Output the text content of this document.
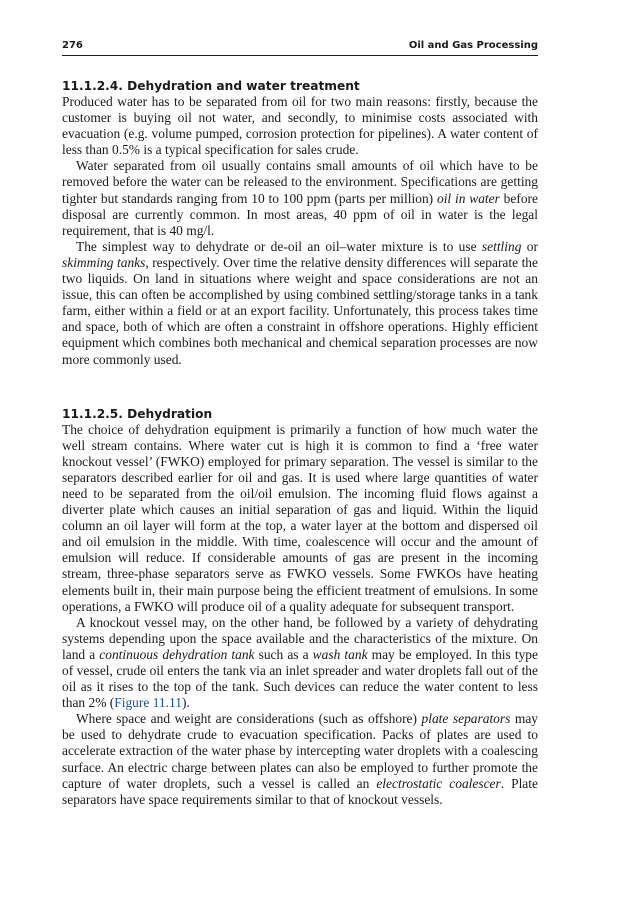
276	Oil and Gas Processing
11.1.2.4. Dehydration and water treatment

Produced water has to be separated from oil for two main reasons: firstly, because the customer is buying oil not water, and secondly, to minimise costs associated with evacuation (e.g. volume pumped, corrosion protection for pipelines). A water content of less than 0.5% is a typical specification for sales crude.

Water separated from oil usually contains small amounts of oil which have to be removed before the water can be released to the environment. Specifications are getting tighter but standards ranging from 10 to 100 ppm (parts per million) oil in water before disposal are currently common. In most areas, 40 ppm of oil in water is the legal requirement, that is 40 mg/l.

The simplest way to dehydrate or de-oil an oil–water mixture is to use settling or skimming tanks, respectively. Over time the relative density differences will separate the two liquids. On land in situations where weight and space considerations are not an issue, this can often be accomplished by using combined settling/storage tanks in a tank farm, either within a field or at an export facility. Unfortunately, this process takes time and space, both of which are often a constraint in offshore operations. Highly efficient equipment which combines both mechanical and chemical separation processes are now more commonly used.

11.1.2.5. Dehydration

The choice of dehydration equipment is primarily a function of how much water the well stream contains. Where water cut is high it is common to find a ‘free water knockout vessel’ (FWKO) employed for primary separation. The vessel is similar to the separators described earlier for oil and gas. It is used where large quantities of water need to be separated from the oil/oil emulsion. The incoming fluid flows against a diverter plate which causes an initial separation of gas and liquid. Within the liquid column an oil layer will form at the top, a water layer at the bottom and dispersed oil and oil emulsion in the middle. With time, coalescence will occur and the amount of emulsion will reduce. If considerable amounts of gas are present in the incoming stream, three-phase separators serve as FWKO vessels. Some FWKOs have heating elements built in, their main purpose being the efficient treatment of emulsions. In some operations, a FWKO will produce oil of a quality adequate for subsequent transport.

A knockout vessel may, on the other hand, be followed by a variety of dehydrating systems depending upon the space available and the characteristics of the mixture. On land a continuous dehydration tank such as a wash tank may be employed. In this type of vessel, crude oil enters the tank via an inlet spreader and water droplets fall out of the oil as it rises to the top of the tank. Such devices can reduce the water content to less than 2% (Figure 11.11).

Where space and weight are considerations (such as offshore) plate separators may be used to dehydrate crude to evacuation specification. Packs of plates are used to accelerate extraction of the water phase by intercepting water droplets with a coalescing surface. An electric charge between plates can also be employed to further promote the capture of water droplets, such a vessel is called an electrostatic coalescer. Plate separators have space requirements similar to that of knockout vessels.
